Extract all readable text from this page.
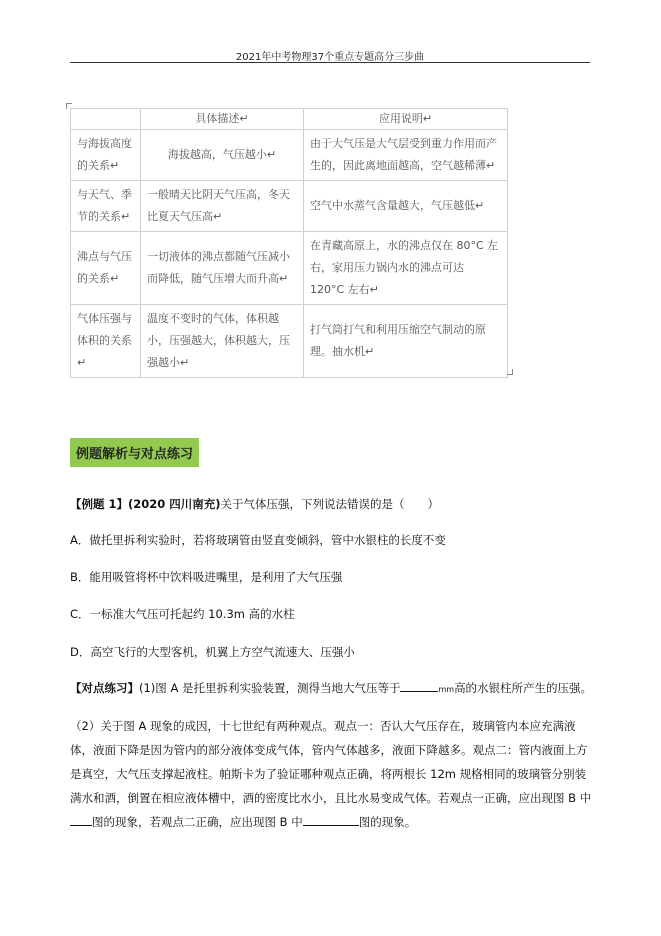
2021年中考物理37个重点专题高分三步曲
	具体描述↵	应用说明↵
与海拔高度的关系↵	海拔越高，气压越小↵	由于大气压是大气层受到重力作用而产生的，因此离地面越高，空气越稀薄↵
与天气、季节的关系↵	一般晴天比阴天气压高，冬天比夏天气压高↵	空气中水蒸气含量越大，气压越低↵
沸点与气压的关系↵	一切液体的沸点都随气压减小而降低，随气压增大而升高↵	在青藏高原上，水的沸点仅在 80°C 左右，家用压力锅内水的沸点可达 120°C 左右↵
气体压强与体积的关系↵	温度不变时的气体，体积越小，压强越大，体积越大，压强越小↵	打气筒打气和利用压缩空气制动的原理。抽水机↵
例题解析与对点练习
【例题 1】(2020 四川南充)关于气体压强，下列说法错误的是（　　）
A．做托里拆利实验时，若将玻璃管由竖直变倾斜，管中水银柱的长度不变
B．能用吸管将杯中饮料吸进嘴里，是利用了大气压强
C．一标准大气压可托起约 10.3m 高的水柱
D．高空飞行的大型客机，机翼上方空气流速大、压强小
【对点练习】(1)图 A 是托里拆利实验装置，测得当地大气压等于	mm高的水银柱所产生的压强。
（2）关于图 A 现象的成因，十七世纪有两种观点。观点一：否认大气压存在，玻璃管内本应充满液体，液面下降是因为管内的部分液体变成气体，管内气体越多，液面下降越多。观点二：管内液面上方是真空，大气压支撑起液柱。帕斯卡为了验证哪种观点正确，将两根长 12m 规格相同的玻璃管分别装满水和酒，倒置在相应液体槽中，酒的密度比水小，且比水易变成气体。若观点一正确，应出现图 B 中图的现象，若观点二正确，应出现图 B 中	图的现象。
